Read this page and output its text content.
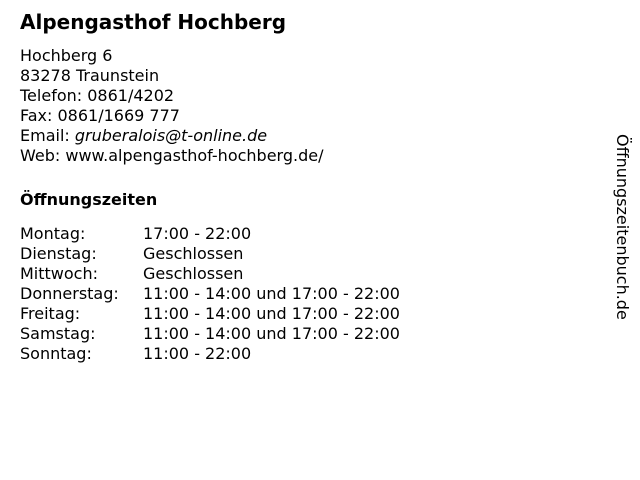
Alpengasthof Hochberg
Hochberg 6
83278 Traunstein
Telefon: 0861/4202
Fax: 0861/1669 777
Email: gruberalois@t-online.de
Web: www.alpengasthof-hochberg.de/
Öffnungszeiten
Montag:	17:00 - 22:00
Dienstag:	Geschlossen
Mittwoch:	Geschlossen
Donnerstag:	11:00 - 14:00 und 17:00 - 22:00
Freitag:	11:00 - 14:00 und 17:00 - 22:00
Samstag:	11:00 - 14:00 und 17:00 - 22:00
Sonntag:	11:00 - 22:00
Öffnungszeitenbuch.de
